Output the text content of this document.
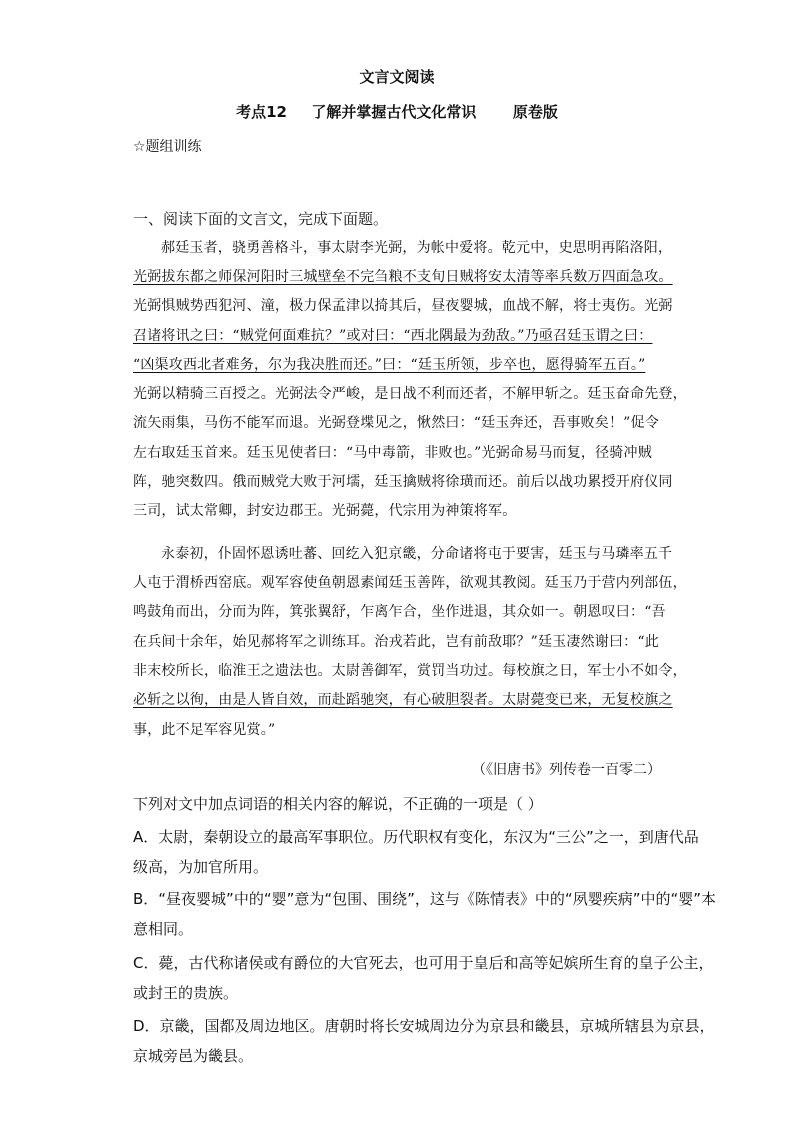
文言文阅读
考点12 了解并掌握古代文化常识 原卷版
☆题组训练
一、阅读下面的文言文，完成下面题。
郝廷玉者，骁勇善格斗，事太尉李光弼，为帐中爱将。乾元中，史思明再陷洛阳，
光弼拔东都之师保河阳时三城壁垒不完刍粮不支旬日贼将安太清等率兵数万四面急攻。
光弼惧贼势西犯河、潼，极力保孟津以掎其后，昼夜婴城，血战不解，将士夷伤。光弼
召诸将讯之曰：“贼党何面难抗？”或对曰：“西北隅最为劲敌。”乃亟召廷玉谓之曰：
“凶渠攻西北者难务，尔为我决胜而还。”曰：“廷玉所领，步卒也，愿得骑军五百。”
光弼以精骑三百授之。光弼法令严峻，是日战不利而还者，不解甲斩之。廷玉奋命先登，
流矢雨集，马伤不能军而退。光弼登堞见之，愀然曰：“廷玉奔还，吾事败矣！”促令
左右取廷玉首来。廷玉见使者曰：“马中毒箭，非败也。”光弼命易马而复，径骑冲贼
阵，驰突数四。俄而贼党大败于河壖，廷玉擒贼将徐璜而还。前后以战功累授开府仪同
三司，试太常卿，封安边郡王。光弼薨，代宗用为神策将军。
永泰初，仆固怀恩诱吐蕃、回纥入犯京畿，分命诸将屯于要害，廷玉与马璘率五千
人屯于渭桥西窑底。观军容使鱼朝恩素闻廷玉善阵，欲观其教阅。廷玉乃于营内列部伍，
鸣鼓角而出，分而为阵，箕张翼舒，乍离乍合，坐作进退，其众如一。朝恩叹曰：“吾
在兵间十余年，始见郝将军之训练耳。治戎若此，岂有前敌耶？”廷玉凄然谢曰：“此
非末校所长，临淮王之遗法也。太尉善御军，赏罚当功过。每校旗之日，军士小不如令，
必斩之以徇，由是人皆自效，而赴蹈驰突，有心破胆裂者。太尉薨变已来，无复校旗之
事，此不足军容见赏。”
（《旧唐书》列传卷一百零二）
下列对文中加点词语的相关内容的解说，不正确的一项是（ ）
A．太尉，秦朝设立的最高军事职位。历代职权有变化，东汉为“三公”之一，到唐代品
级高，为加官所用。
B．“昼夜婴城”中的“婴”意为“包围、围绕”，这与《陈情表》中的“夙婴疾病”中的“婴”本
意相同。
C．薨，古代称诸侯或有爵位的大官死去，也可用于皇后和高等妃嫔所生育的皇子公主，
或封王的贵族。
D．京畿，国都及周边地区。唐朝时将长安城周边分为京县和畿县，京城所辖县为京县，
京城旁邑为畿县。
